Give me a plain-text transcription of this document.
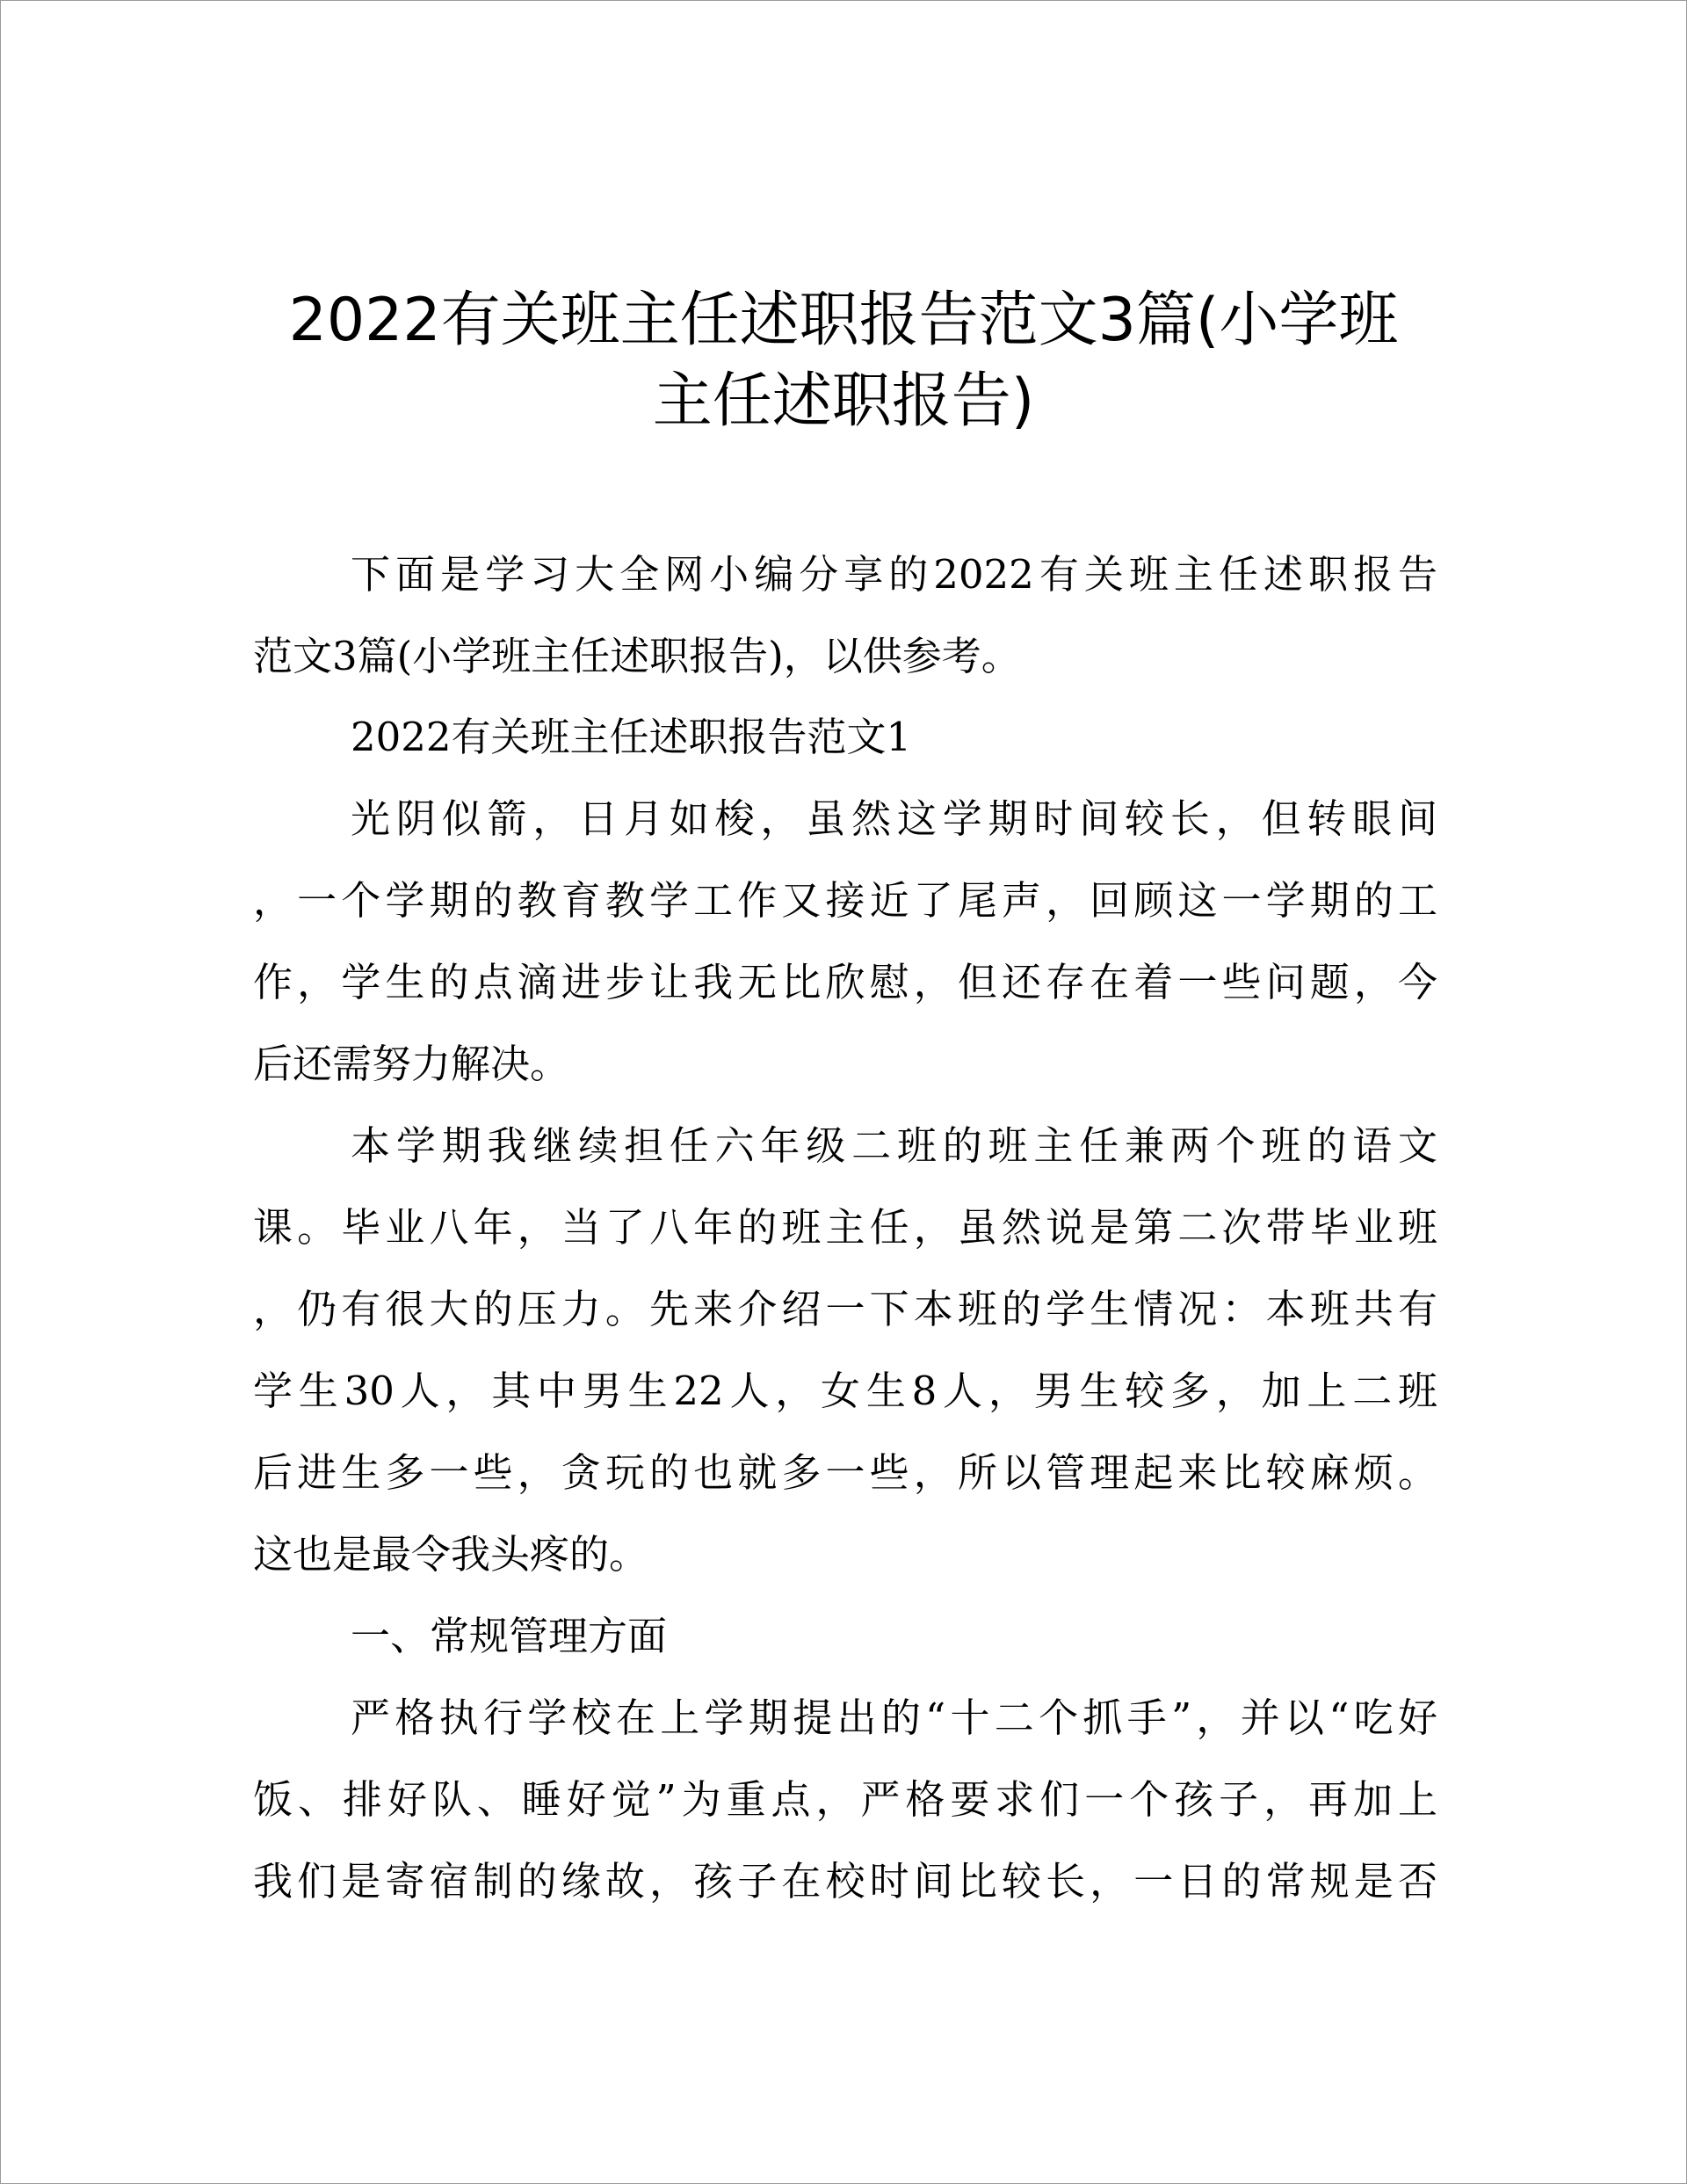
2022有关班主任述职报告范文3篇(小学班
主任述职报告)

下面是学习大全网小编分享的2022有关班主任述职报告

范文3篇(小学班主任述职报告)，以供参考。

2022有关班主任述职报告范文1

光阴似箭，日月如梭，虽然这学期时间较长，但转眼间

，一个学期的教育教学工作又接近了尾声，回顾这一学期的工

作，学生的点滴进步让我无比欣慰，但还存在着一些问题，今

后还需努力解决。

本学期我继续担任六年级二班的班主任兼两个班的语文

课。毕业八年，当了八年的班主任，虽然说是第二次带毕业班

，仍有很大的压力。先来介绍一下本班的学生情况：本班共有

学生30人，其中男生22人，女生8人，男生较多，加上二班

后进生多一些，贪玩的也就多一些，所以管理起来比较麻烦。

这也是最令我头疼的。

一、常规管理方面

严格执行学校在上学期提出的“十二个抓手”，并以“吃好

饭、排好队、睡好觉”为重点，严格要求们一个孩子，再加上

我们是寄宿制的缘故，孩子在校时间比较长，一日的常规是否
